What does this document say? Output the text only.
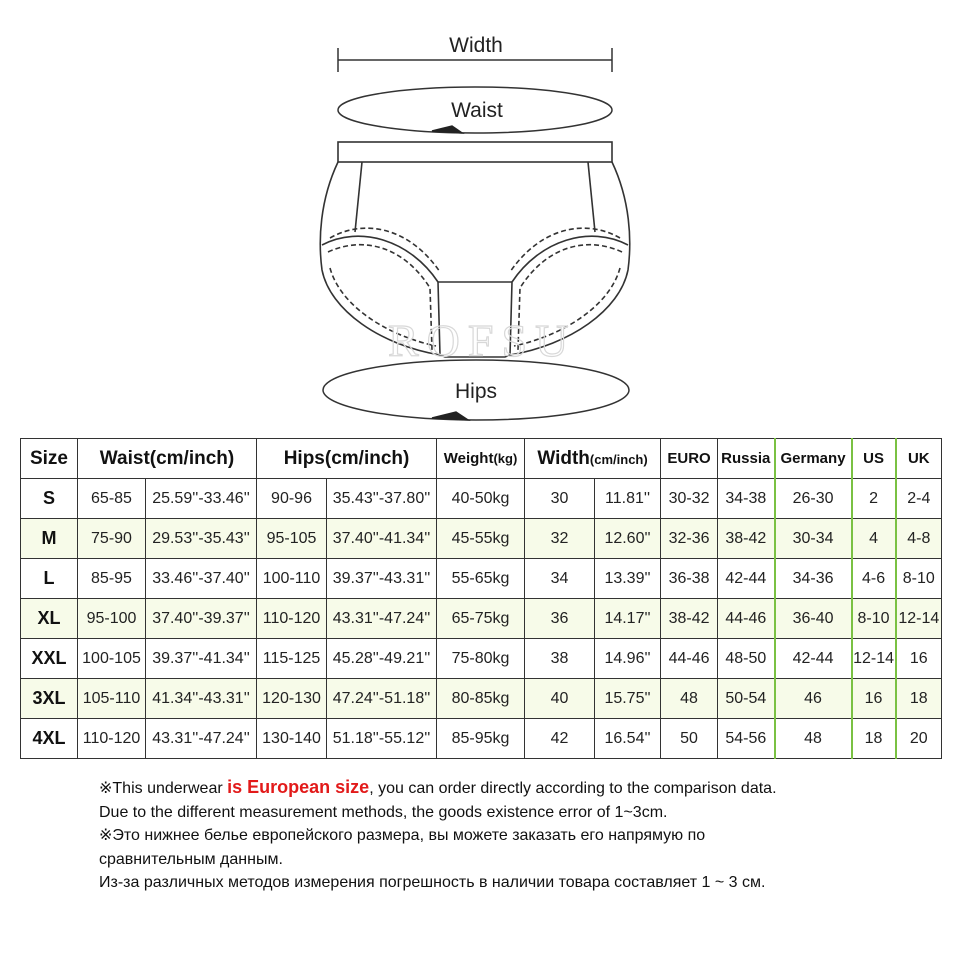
Width
Waist
Hips
ROFSU
Size	Waist(cm/inch)		Hips(cm/inch)		Weight(kg)	Width(cm/inch)		EURO	Russia	Germany	US	UK
S	65-85	25.59''-33.46''	90-96	35.43''-37.80''	40-50kg	30	11.81''	30-32	34-38	26-30	2	2-4
M	75-90	29.53''-35.43''	95-105	37.40''-41.34''	45-55kg	32	12.60''	32-36	38-42	30-34	4	4-8
L	85-95	33.46''-37.40''	100-110	39.37''-43.31''	55-65kg	34	13.39''	36-38	42-44	34-36	4-6	8-10
XL	95-100	37.40''-39.37''	110-120	43.31''-47.24''	65-75kg	36	14.17''	38-42	44-46	36-40	8-10	12-14
XXL	100-105	39.37''-41.34''	115-125	45.28''-49.21''	75-80kg	38	14.96''	44-46	48-50	42-44	12-14	16
3XL	105-110	41.34''-43.31''	120-130	47.24''-51.18''	80-85kg	40	15.75''	48	50-54	46	16	18
4XL	110-120	43.31''-47.24''	130-140	51.18''-55.12''	85-95kg	42	16.54''	50	54-56	48	18	20

※This underwear is European size, you can order directly according to the comparison data.

Due to the different measurement methods, the goods existence error of 1~3cm.

※Это нижнее белье европейского размера, вы можете заказать его напрямую по

сравнительным данным.

Из-за различных методов измерения погрешность в наличии товара составляет 1 ~ 3 см.
